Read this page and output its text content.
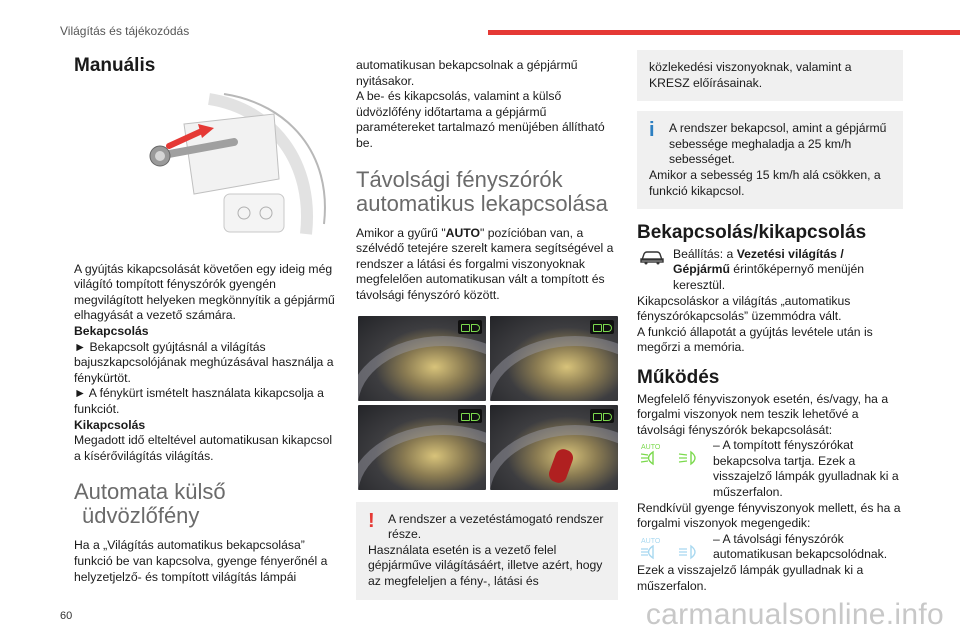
Világítás és tájékozódás
Manuális

A gyújtás kikapcsolását követően egy ideig még világító tompított fényszórók gyengén megvilágított helyeken megkönnyítik a gépjármű elhagyását a vezető számára.

Bekapcsolás

► Bekapcsolt gyújtásnál a világítás bajuszkapcsolójának meghúzásával használja a fénykürtöt.

► A fénykürt ismételt használata kikapcsolja a funkciót.

Kikapcsolás

Megadott idő elteltével automatikusan kikapcsol a kísérővilágítás világítás.

Automata külső
üdvözlőfény

Ha a „Világítás automatikus bekapcsolása” funkció be van kapcsolva, gyenge fényerőnél a helyzetjelző- és tompított világítás lámpái

automatikusan bekapcsolnak a gépjármű nyitásakor.

A be- és kikapcsolás, valamint a külső üdvözlőfény időtartama a gépjármű paramétereket tartalmazó menüjében állítható be.

Távolsági fényszórók
automatikus lekapcsolása

Amikor a gyűrű "AUTO" pozícióban van, a szélvédő tetejére szerelt kamera segítségével a rendszer a látási és forgalmi viszonyoknak megfelelően automatikusan vált a tompított és távolsági fényszóró között.

!	A rendszer a vezetéstámogató rendszer része.

Használata esetén is a vezető felel gépjárműve világításáért, illetve azért, hogy az megfeleljen a fény-, látási és

közlekedési viszonyoknak, valamint a KRESZ előírásainak.

i	A rendszer bekapcsol, amint a gépjármű sebessége meghaladja a 25 km/h sebességet.

Amikor a sebesség 15 km/h alá csökken, a funkció kikapcsol.

Bekapcsolás/kikapcsolás

Beállítás: a Vezetési világítás / Gépjármű érintőképernyő menüjén keresztül.

Kikapcsoláskor a világítás „automatikus fényszórókapcsolás” üzemmódra vált.

A funkció állapotát a gyújtás levétele után is megőrzi a memória.

Működés

Megfelelő fényviszonyok esetén, és/vagy, ha a forgalmi viszonyok nem teszik lehetővé a távolsági fényszórók bekapcsolását:

AUTO	– A tompított fényszórókat bekapcsolva tartja. Ezek a visszajelző lámpák gyulladnak ki a műszerfalon.

Rendkívül gyenge fényviszonyok mellett, és ha a forgalmi viszonyok megengedik:

AUTO	– A távolsági fényszórók automatikusan bekapcsolódnak.

Ezek a visszajelző lámpák gyulladnak ki a műszerfalon.

60	carmanualsonline.info
